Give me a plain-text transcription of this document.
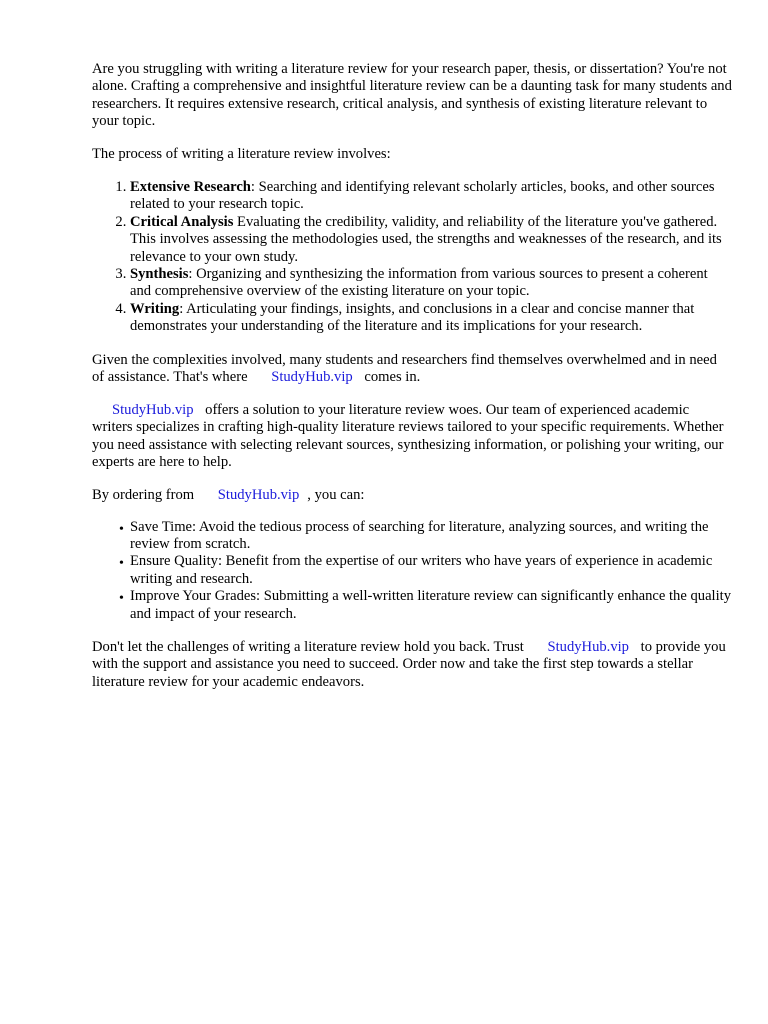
Are you struggling with writing a literature review for your research paper, thesis, or dissertation? You're not alone. Crafting a comprehensive and insightful literature review can be a daunting task for many students and researchers. It requires extensive research, critical analysis, and synthesis of existing literature relevant to your topic.

The process of writing a literature review involves:

1. Extensive Research: Searching and identifying relevant scholarly articles, books, and other sources related to your research topic.
2. Critical Analysis Evaluating the credibility, validity, and reliability of the literature you've gathered. This involves assessing the methodologies used, the strengths and weaknesses of the research, and its relevance to your own study.
3. Synthesis: Organizing and synthesizing the information from various sources to present a coherent and comprehensive overview of the existing literature on your topic.
4. Writing: Articulating your findings, insights, and conclusions in a clear and concise manner that demonstrates your understanding of the literature and its implications for your research.

Given the complexities involved, many students and researchers find themselves overwhelmed and in need of assistance. That's where StudyHub.vip comes in.

StudyHub.vip offers a solution to your literature review woes. Our team of experienced academic writers specializes in crafting high-quality literature reviews tailored to your specific requirements. Whether you need assistance with selecting relevant sources, synthesizing information, or polishing your writing, our experts are here to help.

By ordering from StudyHub.vip , you can:

• Save Time: Avoid the tedious process of searching for literature, analyzing sources, and writing the review from scratch.
• Ensure Quality: Benefit from the expertise of our writers who have years of experience in academic writing and research.
• Improve Your Grades: Submitting a well-written literature review can significantly enhance the quality and impact of your research.

Don't let the challenges of writing a literature review hold you back. Trust StudyHub.vip to provide you with the support and assistance you need to succeed. Order now and take the first step towards a stellar literature review for your academic endeavors.
